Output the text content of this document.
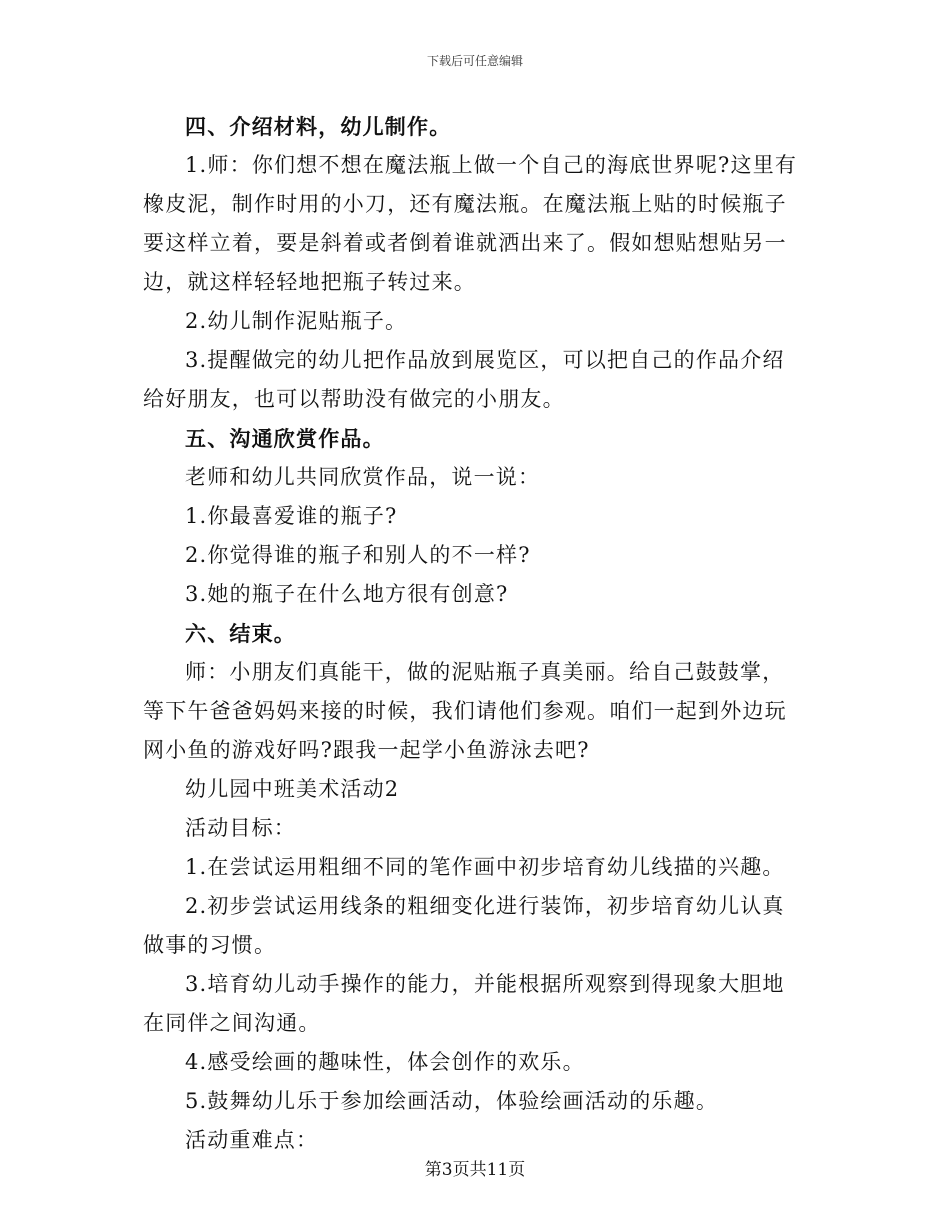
下载后可任意编辑

四、介绍材料，幼儿制作。

1.师：你们想不想在魔法瓶上做一个自己的海底世界呢?这里有橡皮泥，制作时用的小刀，还有魔法瓶。在魔法瓶上贴的时候瓶子要这样立着，要是斜着或者倒着谁就洒出来了。假如想贴想贴另一边，就这样轻轻地把瓶子转过来。

2.幼儿制作泥贴瓶子。

3.提醒做完的幼儿把作品放到展览区，可以把自己的作品介绍给好朋友，也可以帮助没有做完的小朋友。

五、沟通欣赏作品。

老师和幼儿共同欣赏作品，说一说：

1.你最喜爱谁的瓶子?

2.你觉得谁的瓶子和别人的不一样?

3.她的瓶子在什么地方很有创意?

六、结束。

师：小朋友们真能干，做的泥贴瓶子真美丽。给自己鼓鼓掌，等下午爸爸妈妈来接的时候，我们请他们参观。咱们一起到外边玩网小鱼的游戏好吗?跟我一起学小鱼游泳去吧?

幼儿园中班美术活动2

活动目标：

1.在尝试运用粗细不同的笔作画中初步培育幼儿线描的兴趣。

2.初步尝试运用线条的粗细变化进行装饰，初步培育幼儿认真做事的习惯。

3.培育幼儿动手操作的能力，并能根据所观察到得现象大胆地在同伴之间沟通。

4.感受绘画的趣味性，体会创作的欢乐。

5.鼓舞幼儿乐于参加绘画活动，体验绘画活动的乐趣。

活动重难点：

第3页共11页
